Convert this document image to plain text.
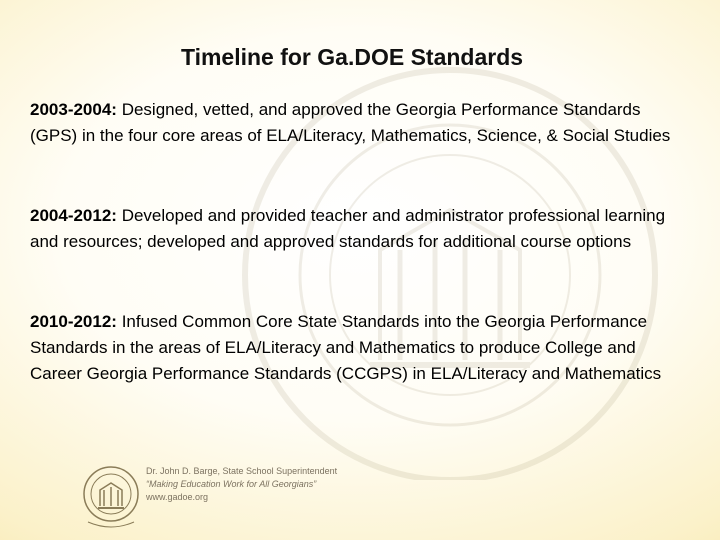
Timeline for Ga.DOE Standards
2003-2004: Designed, vetted, and approved the Georgia Performance Standards (GPS) in the four core areas of ELA/Literacy, Mathematics, Science, & Social Studies
2004-2012: Developed and provided teacher and administrator professional learning and resources; developed and approved standards for additional course options
2010-2012: Infused Common Core State Standards into the Georgia Performance Standards in the areas of ELA/Literacy and Mathematics to produce College and Career Georgia Performance Standards (CCGPS) in ELA/Literacy and Mathematics
Dr. John D. Barge, State School Superintendent
“Making Education Work for All Georgians”
www.gadoe.org
